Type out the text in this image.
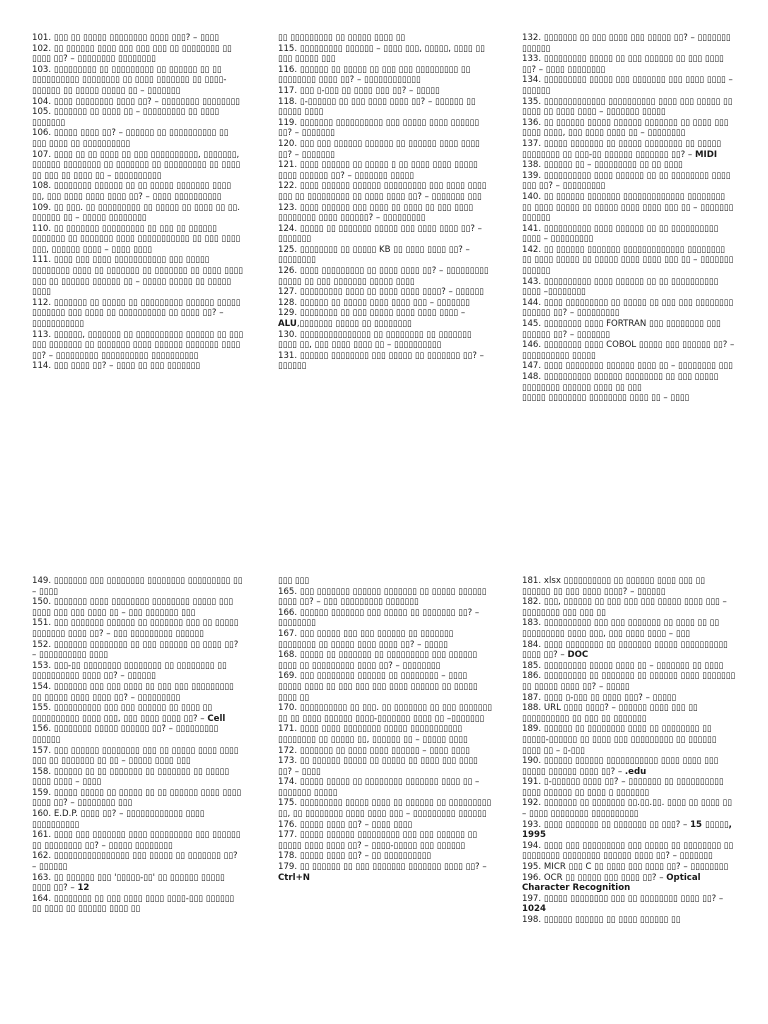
101. ▯▯▯ ▯▯ ▯▯▯▯▯ ▯▯▯▯▯▯▯▯ ▯▯▯▯ ▯▯▯? – ▯▯▯▯

102. ▯▯ ▯▯▯▯▯▯ ▯▯▯▯ ▯▯▯ ▯▯▯ ▯▯▯ ▯▯ ▯▯▯▯▯▯▯▯ ▯▯ ▯▯▯▯ ▯▯? – ▯▯▯▯▯▯▯▯ ▯▯▯▯▯▯▯▯

103. ▯▯▯▯▯▯▯▯▯ ▯▯ ▯▯▯▯▯▯▯▯▯ ▯▯ ▯▯▯▯▯▯ ▯▯ ▯▯ ▯▯▯▯▯▯▯▯▯▯ ▯▯▯▯▯▯▯▯ ▯▯ ▯▯▯▯ ▯▯▯▯▯▯▯ ▯▯ ▯▯▯▯-▯▯▯▯▯▯ ▯▯ ▯▯▯▯▯ ▯▯▯▯▯ ▯▯ – ▯▯▯▯▯▯▯

104. ▯▯▯▯ ▯▯▯▯▯▯▯▯ ▯▯▯▯ ▯▯? – ▯▯▯▯▯▯▯▯ ▯▯▯▯▯▯▯▯

105. ▯▯▯▯▯▯▯ ▯▯ ▯▯▯▯ ▯▯ – ▯▯▯▯▯▯▯▯▯ ▯▯ ▯▯▯▯ ▯▯▯▯▯▯▯

106. ▯▯▯▯▯ ▯▯▯▯ ▯▯? – ▯▯▯▯▯▯ ▯▯ ▯▯▯▯▯▯▯▯▯▯ ▯▯ ▯▯▯ ▯▯▯▯ ▯▯ ▯▯▯▯▯▯▯▯▯▯

107. ▯▯▯▯ ▯▯ ▯▯ ▯▯▯▯ ▯▯ ▯▯▯ ▯▯▯▯▯▯▯▯▯▯, ▯▯▯▯▯▯▯, ▯▯▯▯▯▯ ▯▯▯▯▯▯▯▯ ▯▯ ▯▯▯▯▯▯▯ ▯▯ ▯▯▯▯▯▯▯▯▯ ▯▯ ▯▯▯▯ ▯▯ ▯▯▯ ▯▯ ▯▯▯▯ ▯▯ – ▯▯▯▯▯▯▯▯▯▯

108. ▯▯▯▯▯▯▯▯ ▯▯▯▯▯▯ ▯▯ ▯▯ ▯▯▯▯▯ ▯▯▯▯▯▯▯ ▯▯▯▯ ▯▯, ▯▯▯ ▯▯▯▯ ▯▯▯▯ ▯▯▯▯ ▯▯? – ▯▯▯▯ ▯▯▯▯▯▯▯▯▯▯

109. ▯▯ ▯▯▯. ▯▯ ▯▯▯▯▯▯▯▯▯ ▯▯ ▯▯▯▯▯ ▯▯ ▯▯▯▯ ▯▯ ▯▯. ▯▯▯▯▯▯ ▯▯ – ▯▯▯▯▯ ▯▯▯▯▯▯▯▯

110. ▯▯ ▯▯▯▯▯▯▯ ▯▯▯▯▯▯▯▯▯ ▯▯ ▯▯▯ ▯▯ ▯▯▯▯▯▯ ▯▯▯▯▯▯▯ ▯▯ ▯▯▯▯▯▯▯ ▯▯▯▯ ▯▯▯▯▯▯▯▯▯▯▯ ▯▯ ▯▯▯ ▯▯▯▯ ▯▯▯, ▯▯▯▯▯▯ ▯▯▯▯ – ▯▯▯▯ ▯▯▯▯

111. ▯▯▯▯ ▯▯▯ ▯▯▯▯ ▯▯▯▯▯▯▯▯▯▯▯ ▯▯▯ ▯▯▯▯▯ ▯▯▯▯▯▯▯▯ ▯▯▯▯ ▯▯ ▯▯▯▯▯▯▯ ▯▯ ▯▯▯▯▯▯▯ ▯▯ ▯▯▯▯ ▯▯▯▯ ▯▯▯ ▯▯ ▯▯▯▯▯▯ ▯▯▯▯▯▯ ▯▯ – ▯▯▯▯▯ ▯▯▯▯▯ ▯▯ ▯▯▯▯▯ ▯▯▯▯

112. ▯▯▯▯▯▯▯ ▯▯ ▯▯▯▯▯ ▯▯ ▯▯▯▯▯▯▯▯▯ ▯▯▯▯▯▯ ▯▯▯▯▯ ▯▯▯▯▯▯▯ ▯▯▯ ▯▯▯▯ ▯▯ ▯▯▯▯▯▯▯▯▯▯ ▯▯ ▯▯▯▯ ▯▯? – ▯▯▯▯▯▯▯▯▯▯▯

113. ▯▯▯▯▯▯, ▯▯▯▯▯▯▯ ▯▯ ▯▯▯▯▯▯▯▯▯▯ ▯▯▯▯▯▯ ▯▯ ▯▯▯ ▯▯▯ ▯▯▯▯▯▯▯ ▯▯ ▯▯▯▯▯▯▯ ▯▯▯▯ ▯▯▯▯▯▯ ▯▯▯▯▯▯▯ ▯▯▯▯ ▯▯? – ▯▯▯▯▯▯▯▯▯ ▯▯▯▯▯▯▯▯▯▯ ▯▯▯▯▯▯▯▯▯▯

114. ▯▯▯ ▯▯▯▯ ▯▯? – ▯▯▯▯ ▯▯ ▯▯▯ ▯▯▯▯▯▯▯

▯▯ ▯▯▯▯▯▯▯▯▯ ▯▯ ▯▯▯▯▯ ▯▯▯▯ ▯▯

115. ▯▯▯▯▯▯▯▯▯ ▯▯▯▯▯▯ – ▯▯▯▯ ▯▯▯, ▯▯▯▯▯, ▯▯▯▯ ▯▯ ▯▯▯ ▯▯▯▯▯ ▯▯▯

116. ▯▯▯▯▯▯ ▯▯ ▯▯▯▯▯ ▯▯ ▯▯▯ ▯▯▯ ▯▯▯▯▯▯▯▯▯ ▯▯ ▯▯▯▯▯▯▯▯ ▯▯▯▯ ▯▯? – ▯▯▯▯▯▯▯▯▯▯▯▯

117. ▯▯▯ ▯-▯▯▯ ▯▯ ▯▯▯▯ ▯▯▯ ▯▯? – ▯▯▯▯▯

118. ▯-▯▯▯▯▯▯ ▯▯ ▯▯▯ ▯▯▯▯ ▯▯▯▯ ▯▯? – ▯▯▯▯▯▯ ▯▯ ▯▯▯▯▯ ▯▯▯▯

119. ▯▯▯▯▯▯▯ ▯▯▯▯▯▯▯▯▯▯ ▯▯▯ ▯▯▯▯▯ ▯▯▯▯ ▯▯▯▯▯▯ ▯▯? – ▯▯▯▯▯▯▯

120. ▯▯▯ ▯▯▯ ▯▯▯▯▯▯ ▯▯▯▯▯▯ ▯▯ ▯▯▯▯▯▯ ▯▯▯▯ ▯▯▯▯ ▯▯? – ▯▯▯▯▯▯▯

121. ▯▯▯▯ ▯▯▯▯▯▯ ▯▯ ▯▯▯▯▯ ▯ ▯▯ ▯▯▯▯ ▯▯▯▯ ▯▯▯▯▯ ▯▯▯▯ ▯▯▯▯▯▯ ▯▯? – ▯▯▯▯▯▯▯ ▯▯▯▯▯

122. ▯▯▯▯ ▯▯▯▯▯▯ ▯▯▯▯▯▯ ▯▯▯▯▯▯▯▯▯ ▯▯▯ ▯▯▯▯ ▯▯▯▯ ▯▯▯ ▯▯ ▯▯▯▯▯▯▯▯▯ ▯▯ ▯▯▯▯ ▯▯▯▯ ▯▯? – ▯▯▯▯▯▯▯ ▯▯▯

123. ▯▯▯▯ ▯▯▯▯▯▯ ▯▯▯ ▯▯▯▯ ▯▯ ▯▯▯▯ ▯▯ ▯▯▯ ▯▯▯▯ ▯▯▯▯▯▯▯▯ ▯▯▯▯ ▯▯▯▯▯▯? – ▯▯▯▯▯▯▯▯▯

124. ▯▯▯▯▯ ▯▯ ▯▯▯▯▯▯▯ ▯▯▯▯▯ ▯▯▯ ▯▯▯▯ ▯▯▯▯ ▯▯? – ▯▯▯▯▯▯▯

125. ▯▯▯▯▯▯▯▯ ▯▯ ▯▯▯▯▯ KB ▯▯ ▯▯▯▯ ▯▯▯▯ ▯▯? –▯▯▯▯▯▯▯▯

126. ▯▯▯▯ ▯▯▯▯▯▯▯▯▯ ▯▯ ▯▯▯▯ ▯▯▯▯ ▯▯? – ▯▯▯▯▯▯▯▯▯ ▯▯▯▯▯ ▯▯ ▯▯▯ ▯▯▯▯▯▯▯ ▯▯▯▯▯ ▯▯▯▯

127. ▯▯▯▯▯▯▯▯▯ ▯▯▯▯ ▯▯ ▯▯▯▯ ▯▯▯▯ ▯▯▯▯? – ▯▯▯▯▯▯

128. ▯▯▯▯▯▯ ▯▯ ▯▯▯▯▯ ▯▯▯▯ ▯▯▯▯ ▯▯▯ – ▯▯▯▯▯▯▯

129. ▯▯▯▯▯▯▯▯ ▯▯ ▯▯▯ ▯▯▯▯▯ ▯▯▯▯ ▯▯▯▯ ▯▯▯▯ – ALU,▯▯▯▯▯▯▯ ▯▯▯▯▯ ▯▯ ▯▯▯▯▯▯▯▯

130. ▯▯▯▯▯▯▯▯▯▯▯▯▯▯▯ ▯▯ ▯▯▯▯▯▯▯▯ ▯▯ ▯▯▯▯▯▯▯ ▯▯▯▯ ▯▯, ▯▯▯ ▯▯▯▯ ▯▯▯▯ ▯▯ – ▯▯▯▯▯▯▯▯▯▯

131. ▯▯▯▯▯▯ ▯▯▯▯▯▯▯▯ ▯▯▯ ▯▯▯▯▯ ▯▯ ▯▯▯▯▯▯▯ ▯▯? –▯▯▯▯▯▯

132. ▯▯▯▯▯▯▯ ▯▯ ▯▯▯ ▯▯▯▯ ▯▯▯ ▯▯▯▯▯ ▯▯? – ▯▯▯▯▯▯▯ ▯▯▯▯▯▯

133. ▯▯▯▯▯▯▯▯▯ ▯▯▯▯▯ ▯▯ ▯▯▯ ▯▯▯▯▯▯ ▯▯ ▯▯▯ ▯▯▯▯ ▯▯? – ▯▯▯▯ ▯▯▯▯▯▯▯▯

134. ▯▯▯▯▯▯▯▯▯ ▯▯▯▯▯ ▯▯▯ ▯▯▯▯▯▯▯ ▯▯▯ ▯▯▯▯ ▯▯▯▯ – ▯▯▯▯▯▯

135. ▯▯▯▯▯▯▯▯▯▯▯▯▯ ▯▯▯▯▯▯▯▯▯▯ ▯▯▯▯ ▯▯▯ ▯▯▯▯▯ ▯▯ ▯▯▯▯ ▯▯ ▯▯▯▯ ▯▯▯▯ – ▯▯▯▯▯▯▯ ▯▯▯▯▯

136. ▯▯ ▯▯▯▯▯▯ ▯▯▯▯▯ ▯▯▯▯▯▯ ▯▯▯▯▯▯▯ ▯▯ ▯▯▯▯ ▯▯▯ ▯▯▯▯ ▯▯▯▯, ▯▯▯ ▯▯▯▯ ▯▯▯▯ ▯▯ – ▯▯▯▯▯▯▯▯

137. ▯▯▯▯▯ ▯▯▯▯▯▯▯ ▯▯ ▯▯▯▯▯ ▯▯▯▯▯▯▯▯ ▯▯ ▯▯▯▯▯ ▯▯▯▯▯▯▯▯ ▯▯ ▯▯▯-▯▯ ▯▯▯▯▯▯ ▯▯▯▯▯▯▯ ▯▯? – MIDI

138. ▯▯▯▯▯▯ ▯▯ – ▯▯▯▯▯▯▯▯▯ ▯▯ ▯▯ ▯▯▯▯

139. ▯▯▯▯▯▯▯▯▯▯ ▯▯▯▯ ▯▯▯▯▯▯ ▯▯ ▯▯ ▯▯▯▯▯▯▯▯ ▯▯▯▯ ▯▯▯ ▯▯? – ▯▯▯▯▯▯▯▯▯

140. ▯▯ ▯▯▯▯▯▯ ▯▯▯▯▯▯▯ ▯▯▯▯▯▯▯▯▯▯▯▯▯ ▯▯▯▯▯▯▯▯ ▯▯ ▯▯▯▯ ▯▯▯▯▯ ▯▯ ▯▯▯▯▯ ▯▯▯▯ ▯▯▯▯ ▯▯▯ ▯▯ – ▯▯▯▯▯▯▯ ▯▯▯▯▯▯

141. ▯▯▯▯▯▯▯▯▯▯ ▯▯▯▯ ▯▯▯▯▯▯ ▯▯ ▯▯ ▯▯▯▯▯▯▯▯▯▯ ▯▯▯▯ – ▯▯▯▯▯▯▯▯▯

142. ▯▯ ▯▯▯▯▯▯ ▯▯▯▯▯▯▯ ▯▯▯▯▯▯▯▯▯▯▯▯▯ ▯▯▯▯▯▯▯▯ ▯▯ ▯▯▯▯ ▯▯▯▯▯ ▯▯ ▯▯▯▯▯ ▯▯▯▯ ▯▯▯▯ ▯▯▯ ▯▯ – ▯▯▯▯▯▯▯ ▯▯▯▯▯▯

143. ▯▯▯▯▯▯▯▯▯▯ ▯▯▯▯ ▯▯▯▯▯▯ ▯▯ ▯▯ ▯▯▯▯▯▯▯▯▯▯ ▯▯▯▯ –▯▯▯▯▯▯▯▯

144. ▯▯▯▯ ▯▯▯▯▯▯▯▯▯ ▯▯ ▯▯▯▯▯ ▯▯ ▯▯▯ ▯▯▯ ▯▯▯▯▯▯▯▯ ▯▯▯▯▯▯ ▯▯? – ▯▯▯▯▯▯▯▯▯

145. ▯▯▯▯▯▯▯▯ ▯▯▯▯ FORTRAN ▯▯▯ ▯▯▯▯▯▯▯▯ ▯▯▯ ▯▯▯▯▯▯ ▯▯? – ▯▯▯▯▯▯▯

146. ▯▯▯▯▯▯▯▯ ▯▯▯▯ COBOL ▯▯▯▯▯ ▯▯▯ ▯▯▯▯▯▯ ▯▯? – ▯▯▯▯▯▯▯▯▯▯ ▯▯▯▯▯

147. ▯▯▯▯ ▯▯▯▯▯▯▯▯ ▯▯▯▯▯▯ ▯▯▯▯ ▯▯ – ▯▯▯▯▯▯▯▯ ▯▯▯

148. ▯▯▯▯▯▯▯▯▯▯ ▯▯▯▯▯▯ ▯▯▯▯▯▯▯▯ ▯▯ ▯▯▯ ▯▯▯▯▯ ▯▯▯▯▯▯▯▯ ▯▯▯▯▯▯ ▯▯▯▯ ▯▯ ▯▯▯

▯▯▯▯▯ ▯▯▯▯▯▯▯▯ ▯▯▯▯▯▯▯▯ ▯▯▯▯ ▯▯ – ▯▯▯▯

149. ▯▯▯▯▯▯▯ ▯▯▯ ▯▯▯▯▯▯▯▯ ▯▯▯▯▯▯▯▯ ▯▯▯▯▯▯▯▯▯ ▯▯ – ▯▯▯▯

150. ▯▯▯▯▯▯▯ ▯▯▯▯ ▯▯▯▯▯▯▯▯ ▯▯▯▯▯▯▯▯ ▯▯▯▯▯ ▯▯▯ ▯▯▯▯ ▯▯▯ ▯▯▯ ▯▯▯▯ ▯▯ – ▯▯▯ ▯▯▯▯▯▯▯ ▯▯▯

151. ▯▯▯ ▯▯▯▯▯▯▯ ▯▯▯▯▯▯ ▯▯ ▯▯▯▯▯▯▯ ▯▯▯ ▯▯ ▯▯▯▯▯ ▯▯▯▯▯▯▯ ▯▯▯▯ ▯▯? – ▯▯▯ ▯▯▯▯▯▯▯▯▯ ▯▯▯▯▯▯

152. ▯▯▯▯▯▯▯ ▯▯▯▯▯▯▯▯ ▯▯ ▯▯▯ ▯▯▯▯▯▯ ▯▯ ▯▯▯▯ ▯▯? – ▯▯▯▯▯▯▯▯▯▯ ▯▯▯▯

153. ▯▯▯-▯▯ ▯▯▯▯▯▯▯▯ ▯▯▯▯▯▯▯▯ ▯▯ ▯▯▯▯▯▯▯▯ ▯▯ ▯▯▯▯▯▯▯▯▯▯ ▯▯▯▯ ▯▯? – ▯▯▯▯▯▯

154. ▯▯▯▯▯▯▯ ▯▯▯ ▯▯▯ ▯▯▯▯ ▯▯ ▯▯▯ ▯▯▯ ▯▯▯▯▯▯▯▯▯ ▯▯ ▯▯▯▯▯ ▯▯▯▯ ▯▯▯▯ ▯▯? – ▯▯▯▯▯▯▯▯▯

155. ▯▯▯▯▯▯▯▯▯▯ ▯▯▯ ▯▯▯ ▯▯▯▯▯▯ ▯▯ ▯▯▯▯ ▯▯ ▯▯▯▯▯▯▯▯▯▯ ▯▯▯▯ ▯▯▯, ▯▯▯ ▯▯▯▯ ▯▯▯▯ ▯▯? – Cell

156. ▯▯▯▯▯▯▯▯ ▯▯▯▯▯ ▯▯▯▯▯▯ ▯▯? – ▯▯▯▯▯▯▯▯▯ ▯▯▯▯▯▯

157. ▯▯▯ ▯▯▯▯▯▯ ▯▯▯▯▯▯▯▯ ▯▯▯ ▯▯ ▯▯▯▯▯ ▯▯▯▯ ▯▯▯▯ ▯▯▯ ▯▯ ▯▯▯▯▯▯▯ ▯▯ ▯▯ – ▯▯▯▯▯ ▯▯▯▯ ▯▯▯

158. ▯▯▯▯▯▯ ▯▯ ▯▯ ▯▯▯▯▯▯▯ ▯▯ ▯▯▯▯▯▯▯ ▯▯ ▯▯▯▯▯ ▯▯▯▯ ▯▯▯▯ – ▯▯▯▯

159. ▯▯▯▯▯ ▯▯▯▯▯ ▯▯ ▯▯▯▯▯ ▯▯ ▯▯ ▯▯▯▯▯▯ ▯▯▯▯ ▯▯▯▯ ▯▯▯▯ ▯▯? – ▯▯▯▯▯▯▯▯ ▯▯▯

160. E.D.P. ▯▯▯▯ ▯▯? – ▯▯▯▯▯▯▯▯▯▯▯▯ ▯▯▯▯ ▯▯▯▯▯▯▯▯▯▯

161. ▯▯▯▯ ▯▯▯ ▯▯▯▯▯▯▯ ▯▯▯▯ ▯▯▯▯▯▯▯▯▯ ▯▯▯ ▯▯▯▯▯▯ ▯▯ ▯▯▯▯▯▯▯▯ ▯▯? – ▯▯▯▯▯ ▯▯▯▯▯▯▯▯

162. ▯▯▯▯▯▯▯▯▯▯▯▯▯▯▯▯ ▯▯▯ ▯▯▯▯▯ ▯▯ ▯▯▯▯▯▯▯ ▯▯? – ▯▯▯▯▯▯

163. ▯▯ ▯▯▯▯▯▯ ▯▯▯ '▯▯▯▯▯-▯▯' ▯▯ ▯▯▯▯▯▯ ▯▯▯▯▯ ▯▯▯▯ ▯▯? – 12

164. ▯▯▯▯▯▯▯▯ ▯▯ ▯▯▯ ▯▯▯▯ ▯▯▯▯ ▯▯▯▯-▯▯▯ ▯▯▯▯▯▯ ▯▯ ▯▯▯▯ ▯▯ ▯▯▯▯▯▯ ▯▯▯▯ ▯▯

▯▯▯ ▯▯▯

165. ▯▯▯ ▯▯▯▯▯▯▯ ▯▯▯▯▯▯ ▯▯▯▯▯▯▯ ▯▯ ▯▯▯▯▯ ▯▯▯▯▯▯ ▯▯▯▯ ▯▯? – ▯▯▯ ▯▯▯▯▯▯▯▯▯ ▯▯▯▯▯▯▯

166. ▯▯▯▯▯▯ ▯▯▯▯▯▯▯ ▯▯▯ ▯▯▯▯▯ ▯▯ ▯▯▯▯▯▯▯ ▯▯? –▯▯▯▯▯▯▯▯

167. ▯▯▯ ▯▯▯▯▯ ▯▯▯ ▯▯▯ ▯▯▯▯▯▯ ▯▯ ▯▯▯▯▯▯▯ ▯▯▯▯▯▯▯▯ ▯▯ ▯▯▯▯▯ ▯▯▯▯ ▯▯▯▯ ▯▯? – ▯▯▯▯▯

168. ▯▯▯▯▯ ▯▯ ▯▯▯▯▯▯▯ ▯▯ ▯▯▯▯▯▯▯▯▯ ▯▯▯ ▯▯▯▯▯▯ ▯▯▯▯ ▯▯ ▯▯▯▯▯▯▯▯▯ ▯▯▯▯ ▯▯? – ▯▯▯▯▯▯▯▯

169. ▯▯▯ ▯▯▯▯▯▯▯▯ ▯▯▯▯▯▯ ▯▯ ▯▯▯▯▯▯▯▯ – ▯▯▯▯ ▯▯▯▯▯ ▯▯▯▯ ▯▯ ▯▯▯ ▯▯▯ ▯▯▯ ▯▯▯▯ ▯▯▯▯▯▯ ▯▯ ▯▯▯▯▯ ▯▯▯▯ ▯▯

170. ▯▯▯▯▯▯▯▯▯▯ ▯▯ ▯▯▯. ▯▯ ▯▯▯▯▯▯▯ ▯▯ ▯▯▯ ▯▯▯▯▯▯▯ ▯▯ ▯▯ ▯▯▯▯ ▯▯▯▯▯▯ ▯▯▯▯-▯▯▯▯▯▯▯ ▯▯▯▯ ▯▯ –▯▯▯▯▯▯▯

171. ▯▯▯▯ ▯▯▯▯ ▯▯▯▯▯▯▯▯ ▯▯▯▯▯ ▯▯▯▯▯▯▯▯▯▯▯ ▯▯▯▯▯▯▯▯ ▯▯ ▯▯▯▯▯ ▯▯, ▯▯▯▯▯▯ ▯▯ – ▯▯▯▯▯ ▯▯▯▯

172. ▯▯▯▯▯▯▯ ▯▯ ▯▯▯▯ ▯▯▯▯ ▯▯▯▯▯▯ – ▯▯▯▯ ▯▯▯▯

173. ▯▯ ▯▯▯▯▯▯ ▯▯▯▯▯ ▯▯ ▯▯▯▯▯ ▯▯ ▯▯▯▯ ▯▯▯ ▯▯▯▯ ▯▯? – ▯▯▯▯

174. ▯▯▯▯▯ ▯▯▯▯▯ ▯▯ ▯▯▯▯▯▯▯▯ ▯▯▯▯▯▯▯ ▯▯▯▯ ▯▯ – ▯▯▯▯▯▯▯ ▯▯▯▯▯

175. ▯▯▯▯▯▯▯▯▯ ▯▯▯▯▯ ▯▯▯▯ ▯▯ ▯▯▯▯▯▯ ▯▯ ▯▯▯▯▯▯▯▯▯ ▯▯, ▯▯ ▯▯▯▯▯▯▯▯ ▯▯▯▯ ▯▯▯▯ ▯▯▯ – ▯▯▯▯▯▯▯▯▯ ▯▯▯▯▯▯

176. ▯▯▯▯▯ ▯▯▯▯ ▯▯? – ▯▯▯▯ ▯▯▯▯

177. ▯▯▯▯▯ ▯▯▯▯▯▯ ▯▯▯▯▯▯▯▯▯ ▯▯▯ ▯▯▯ ▯▯▯▯▯▯ ▯▯ ▯▯▯▯▯ ▯▯▯▯ ▯▯▯▯ ▯▯? – ▯▯▯▯-▯▯▯▯▯ ▯▯▯ ▯▯▯▯▯▯

178. ▯▯▯▯▯ ▯▯▯▯ ▯▯? – ▯▯ ▯▯▯▯▯▯▯▯▯▯

179. ▯▯ ▯▯▯▯▯▯ ▯▯ ▯▯▯ ▯▯▯▯▯▯▯ ▯▯▯▯▯▯▯ ▯▯▯▯ ▯▯? – Ctrl+N

181. xlsx ▯▯▯▯▯▯▯▯▯▯ ▯▯ ▯▯▯▯▯▯ ▯▯▯▯ ▯▯▯ ▯▯ ▯▯▯▯▯▯ ▯▯ ▯▯▯ ▯▯▯▯ ▯▯▯▯? – ▯▯▯▯▯▯

182. ▯▯▯, ▯▯▯▯▯▯ ▯▯ ▯▯▯ ▯▯▯ ▯▯▯ ▯▯▯▯▯ ▯▯▯▯ ▯▯▯ – ▯▯▯▯▯▯▯▯ ▯▯▯ ▯▯▯ ▯▯

183. ▯▯▯▯▯▯▯▯▯▯ ▯▯▯ ▯▯▯ ▯▯▯▯▯▯▯ ▯▯ ▯▯▯▯ ▯▯ ▯▯ ▯▯▯▯▯▯▯▯▯ ▯▯▯▯ ▯▯▯, ▯▯▯ ▯▯▯▯ ▯▯▯▯ – ▯▯▯

184. ▯▯▯▯ ▯▯▯▯▯▯▯▯ ▯▯ ▯▯▯▯▯▯▯ ▯▯▯▯▯ ▯▯▯▯▯▯▯▯▯▯ ▯▯▯▯ ▯▯? – DOC

185. ▯▯▯▯▯▯▯▯▯ ▯▯▯▯▯ ▯▯▯▯ ▯▯ – ▯▯▯▯▯▯▯ ▯▯ ▯▯▯▯

186. ▯▯▯▯▯▯▯▯▯ ▯▯ ▯▯▯▯▯▯▯ ▯▯ ▯▯▯▯▯▯ ▯▯▯▯ ▯▯▯▯▯▯▯ ▯▯ ▯▯▯▯▯ ▯▯▯▯ ▯▯? – ▯▯▯▯▯

187. ▯▯▯▯ ▯-▯▯▯ ▯▯ ▯▯▯▯ ▯▯▯? – ▯▯▯▯▯

188. URL ▯▯▯▯ ▯▯▯▯? – ▯▯▯▯▯▯ ▯▯▯▯ ▯▯▯ ▯▯ ▯▯▯▯▯▯▯▯▯▯ ▯▯ ▯▯▯ ▯▯ ▯▯▯▯▯▯▯

189. ▯▯▯▯▯▯ ▯▯ ▯▯▯▯▯▯▯▯ ▯▯▯▯ ▯▯ ▯▯▯▯▯▯▯▯ ▯▯ ▯▯▯▯▯-▯▯▯▯▯▯ ▯▯ ▯▯▯▯ ▯▯▯ ▯▯▯▯▯▯▯▯▯ ▯▯ ▯▯▯▯▯▯ ▯▯▯▯ ▯▯ – ▯-▯▯▯

190. ▯▯▯▯▯▯ ▯▯▯▯▯▯ ▯▯▯▯▯▯▯▯▯▯▯ ▯▯▯▯ ▯▯▯▯ ▯▯▯ ▯▯▯▯▯ ▯▯▯▯▯▯ ▯▯▯▯ ▯▯? – .edu

191. ▯-▯▯▯▯▯▯ ▯▯▯▯ ▯▯? – ▯▯▯▯▯▯▯ ▯▯ ▯▯▯▯▯▯▯▯▯▯ ▯▯▯▯ ▯▯▯▯▯▯ ▯▯ ▯▯▯▯ ▯ ▯▯▯▯▯▯▯

192. ▯▯▯▯▯▯▯ ▯▯ ▯▯▯▯▯▯▯ ▯▯.▯▯.▯▯. ▯▯▯▯ ▯▯ ▯▯▯▯ ▯▯ – ▯▯▯▯ ▯▯▯▯▯▯▯▯ ▯▯▯▯▯▯▯▯▯▯

193. ▯▯▯▯ ▯▯▯▯▯▯▯ ▯▯ ▯▯▯▯▯▯▯ ▯▯ ▯▯▯? – 15 ▯▯▯▯▯, 1995

194. ▯▯▯▯ ▯▯▯ ▯▯▯▯▯▯▯▯▯ ▯▯▯ ▯▯▯▯▯ ▯▯ ▯▯▯▯▯▯▯▯ ▯▯ ▯▯▯▯▯▯▯▯ ▯▯▯▯▯▯▯▯ ▯▯▯▯▯▯ ▯▯▯▯ ▯▯? – ▯▯▯▯▯▯▯

195. MICR ▯▯▯ C ▯▯ ▯▯▯▯ ▯▯▯ ▯▯▯▯ ▯▯? – ▯▯▯▯▯▯▯▯

196. OCR ▯▯ ▯▯▯▯▯ ▯▯▯ ▯▯▯▯ ▯▯? – Optical Character Recognition

197. ▯▯▯▯▯ ▯▯▯▯▯▯▯▯ ▯▯▯ ▯▯ ▯▯▯▯▯▯▯▯ ▯▯▯▯ ▯▯? – 1024

198. ▯▯▯▯▯▯ ▯▯▯▯▯▯ ▯▯ ▯▯▯▯ ▯▯▯▯▯▯ ▯▯
